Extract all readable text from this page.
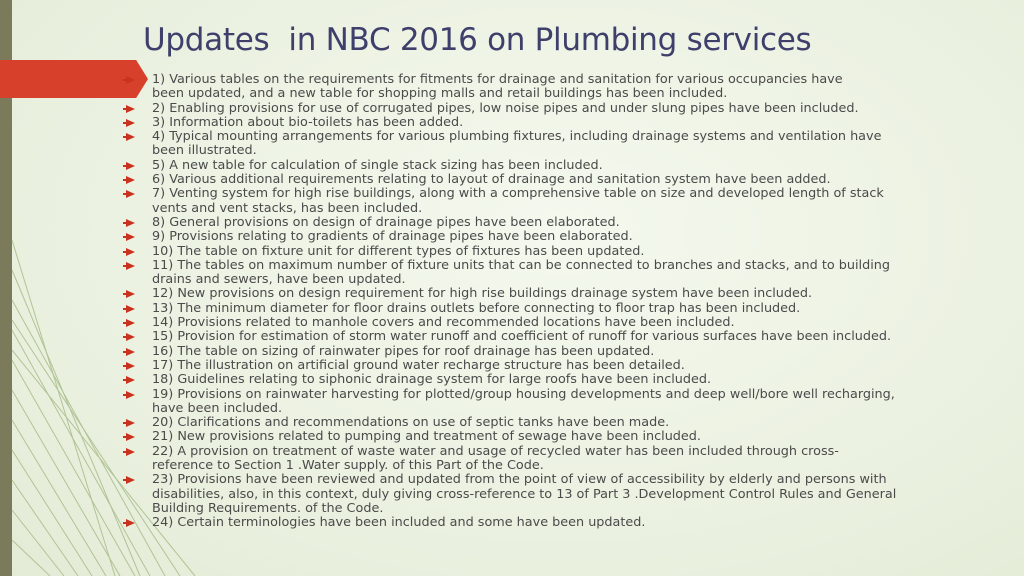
Updates  in NBC 2016 on Plumbing services
1) Various tables on the requirements for fitments for drainage and sanitation for various occupancies have
been updated, and a new table for shopping malls and retail buildings has been included.
2) Enabling provisions for use of corrugated pipes, low noise pipes and under slung pipes have been included.
3) Information about bio-toilets has been added.
4) Typical mounting arrangements for various plumbing fixtures, including drainage systems and ventilation have
been illustrated.
5) A new table for calculation of single stack sizing has been included.
6) Various additional requirements relating to layout of drainage and sanitation system have been added.
7) Venting system for high rise buildings, along with a comprehensive table on size and developed length of stack
vents and vent stacks, has been included.
8) General provisions on design of drainage pipes have been elaborated.
9) Provisions relating to gradients of drainage pipes have been elaborated.
10) The table on fixture unit for different types of fixtures has been updated.
11) The tables on maximum number of fixture units that can be connected to branches and stacks, and to building
drains and sewers, have been updated.
12) New provisions on design requirement for high rise buildings drainage system have been included.
13) The minimum diameter for floor drains outlets before connecting to floor trap has been included.
14) Provisions related to manhole covers and recommended locations have been included.
15) Provision for estimation of storm water runoff and coefficient of runoff for various surfaces have been included.
16) The table on sizing of rainwater pipes for roof drainage has been updated.
17) The illustration on artificial ground water recharge structure has been detailed.
18) Guidelines relating to siphonic drainage system for large roofs have been included.
19) Provisions on rainwater harvesting for plotted/group housing developments and deep well/bore well recharging,
have been included.
20) Clarifications and recommendations on use of septic tanks have been made.
21) New provisions related to pumping and treatment of sewage have been included.
22) A provision on treatment of waste water and usage of recycled water has been included through cross-
reference to Section 1 .Water supply. of this Part of the Code.
23) Provisions have been reviewed and updated from the point of view of accessibility by elderly and persons with
disabilities, also, in this context, duly giving cross-reference to 13 of Part 3 .Development Control Rules and General
Building Requirements. of the Code.
24) Certain terminologies have been included and some have been updated.
